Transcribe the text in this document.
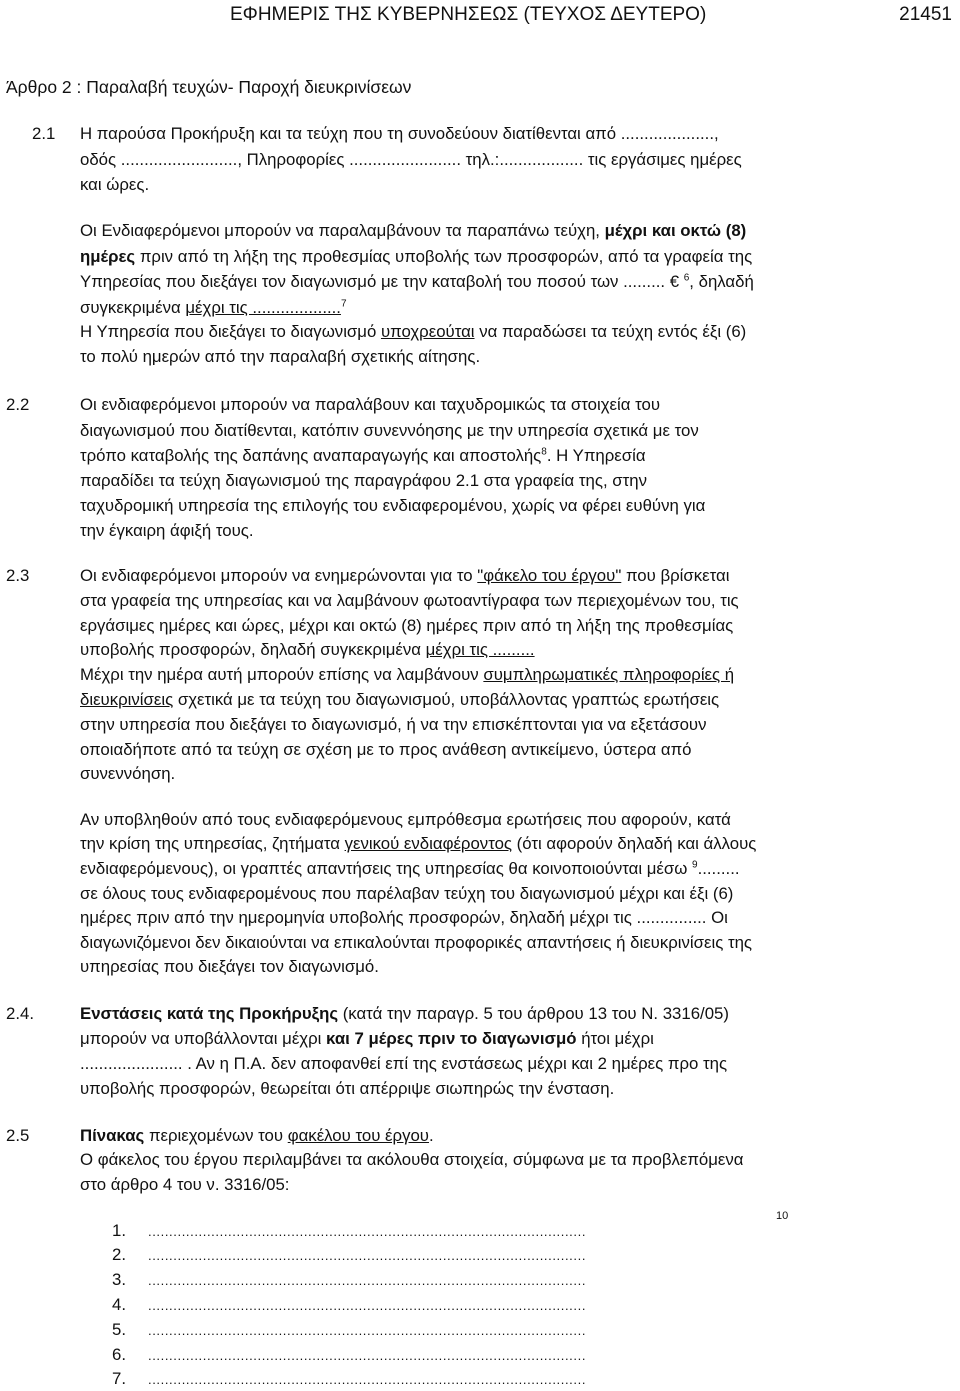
ΕΦΗΜΕΡΙΣ ΤΗΣ ΚΥΒΕΡΝΗΣΕΩΣ (ΤΕΥΧΟΣ ΔΕΥΤΕΡΟ)	21451
Άρθρο 2 : Παραλαβή τευχών- Παροχή διευκρινίσεων
2.1 Η παρούσα Προκήρυξη και τα τεύχη που τη συνοδεύουν διατίθενται από ....................,
οδός ........................., Πληροφορίες ........................ τηλ.:.................. τις εργάσιμες ημέρες
και ώρες.
Οι Ενδιαφερόμενοι μπορούν να παραλαμβάνουν τα παραπάνω τεύχη, μέχρι και οκτώ (8)
ημέρες πριν από τη λήξη της προθεσμίας υποβολής των προσφορών, από τα γραφεία της
Υπηρεσίας που διεξάγει τον διαγωνισμό με την καταβολή του ποσού των ......... € $^6$, δηλαδή
συγκεκριμένα μέχρι τις ...................$^7$
Η Υπηρεσία που διεξάγει το διαγωνισμό υποχρεούται να παραδώσει τα τεύχη εντός έξι (6)
το πολύ ημερών από την παραλαβή σχετικής αίτησης.
2.2	Οι ενδιαφερόμενοι μπορούν να παραλάβουν και ταχυδρομικώς τα στοιχεία του
διαγωνισμού που διατίθενται, κατόπιν συνεννόησης με την υπηρεσία σχετικά με τον
τρόπο καταβολής της δαπάνης αναπαραγωγής και αποστολής$^8$. Η Υπηρεσία
παραδίδει τα τεύχη διαγωνισμού της παραγράφου 2.1 στα γραφεία της, στην
ταχυδρομική υπηρεσία της επιλογής του ενδιαφερομένου, χωρίς να φέρει ευθύνη για
την έγκαιρη άφιξή τους.
2.3	Οι ενδιαφερόμενοι μπορούν να ενημερώνονται για το "φάκελο του έργου" που βρίσκεται
στα γραφεία της υπηρεσίας και να λαμβάνουν φωτοαντίγραφα των περιεχομένων του, τις
εργάσιμες ημέρες και ώρες, μέχρι και οκτώ (8) ημέρες πριν από τη λήξη της προθεσμίας
υποβολής προσφορών, δηλαδή συγκεκριμένα μέχρι τις .........
Μέχρι την ημέρα αυτή μπορούν επίσης να λαμβάνουν συμπληρωματικές πληροφορίες ή
διευκρινίσεις σχετικά με τα τεύχη του διαγωνισμού, υποβάλλοντας γραπτώς ερωτήσεις
στην υπηρεσία που διεξάγει το διαγωνισμό, ή να την επισκέπτονται για να εξετάσουν
οποιαδήποτε από τα τεύχη σε σχέση με το προς ανάθεση αντικείμενο, ύστερα από
συνεννόηση.
Αν υποβληθούν από τους ενδιαφερόμενους εμπρόθεσμα ερωτήσεις που αφορούν, κατά
την κρίση της υπηρεσίας, ζητήματα γενικού ενδιαφέροντος (ότι αφορούν δηλαδή και άλλους
ενδιαφερόμενους), οι γραπτές απαντήσεις της υπηρεσίας θα κοινοποιούνται μέσω $^9$.........
σε όλους τους ενδιαφερομένους που παρέλαβαν τεύχη του διαγωνισμού μέχρι και έξι (6)
ημέρες πριν από την ημερομηνία υποβολής προσφορών, δηλαδή μέχρι τις ............... Οι
διαγωνιζόμενοι δεν δικαιούνται να επικαλούνται προφορικές απαντήσεις ή διευκρινίσεις της
υπηρεσίας που διεξάγει τον διαγωνισμό.
2.4.	Ενστάσεις κατά της Προκήρυξης (κατά την παραγρ. 5 του άρθρου 13 του Ν. 3316/05)
μπορούν να υποβάλλονται μέχρι και 7 μέρες πριν το διαγωνισμό ήτοι μέχρι
...................... . Αν η Π.Α. δεν αποφανθεί επί της ενστάσεως μέχρι και 2 ημέρες προ της
υποβολής προσφορών, θεωρείται ότι απέρριψε σιωπηρώς την ένσταση.
2.5	Πίνακας περιεχομένων του φακέλου του έργου.
Ο φάκελος του έργου περιλαμβάνει τα ακόλουθα στοιχεία, σύμφωνα με τα προβλεπόμενα
στο άρθρο 4 του ν. 3316/05:
10
1. ........................................................................................................
2. ........................................................................................................
3. ........................................................................................................
4. ........................................................................................................
5. ........................................................................................................
6. ........................................................................................................
7. ........................................................................................................
